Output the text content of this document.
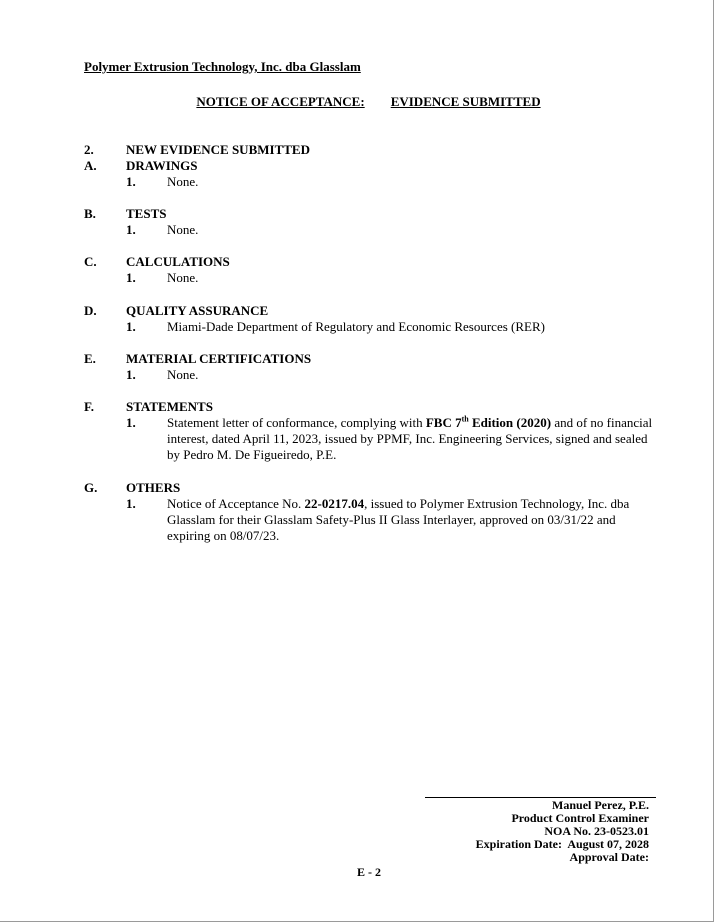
Polymer Extrusion Technology, Inc. dba Glasslam
NOTICE OF ACCEPTANCE: EVIDENCE SUBMITTED
2. NEW EVIDENCE SUBMITTED
A. DRAWINGS
1. None.
B. TESTS
1. None.
C. CALCULATIONS
1. None.
D. QUALITY ASSURANCE
1. Miami-Dade Department of Regulatory and Economic Resources (RER)
E. MATERIAL CERTIFICATIONS
1. None.
F. STATEMENTS
1. Statement letter of conformance, complying with FBC 7th Edition (2020) and of no financial interest, dated April 11, 2023, issued by PPMF, Inc. Engineering Services, signed and sealed by Pedro M. De Figueiredo, P.E.
G. OTHERS
1. Notice of Acceptance No. 22-0217.04, issued to Polymer Extrusion Technology, Inc. dba Glasslam for their Glasslam Safety-Plus II Glass Interlayer, approved on 03/31/22 and expiring on 08/07/23.
Manuel Perez, P.E.
Product Control Examiner
NOA No. 23-0523.01
Expiration Date:  August 07, 2028
Approval Date:
E - 2
